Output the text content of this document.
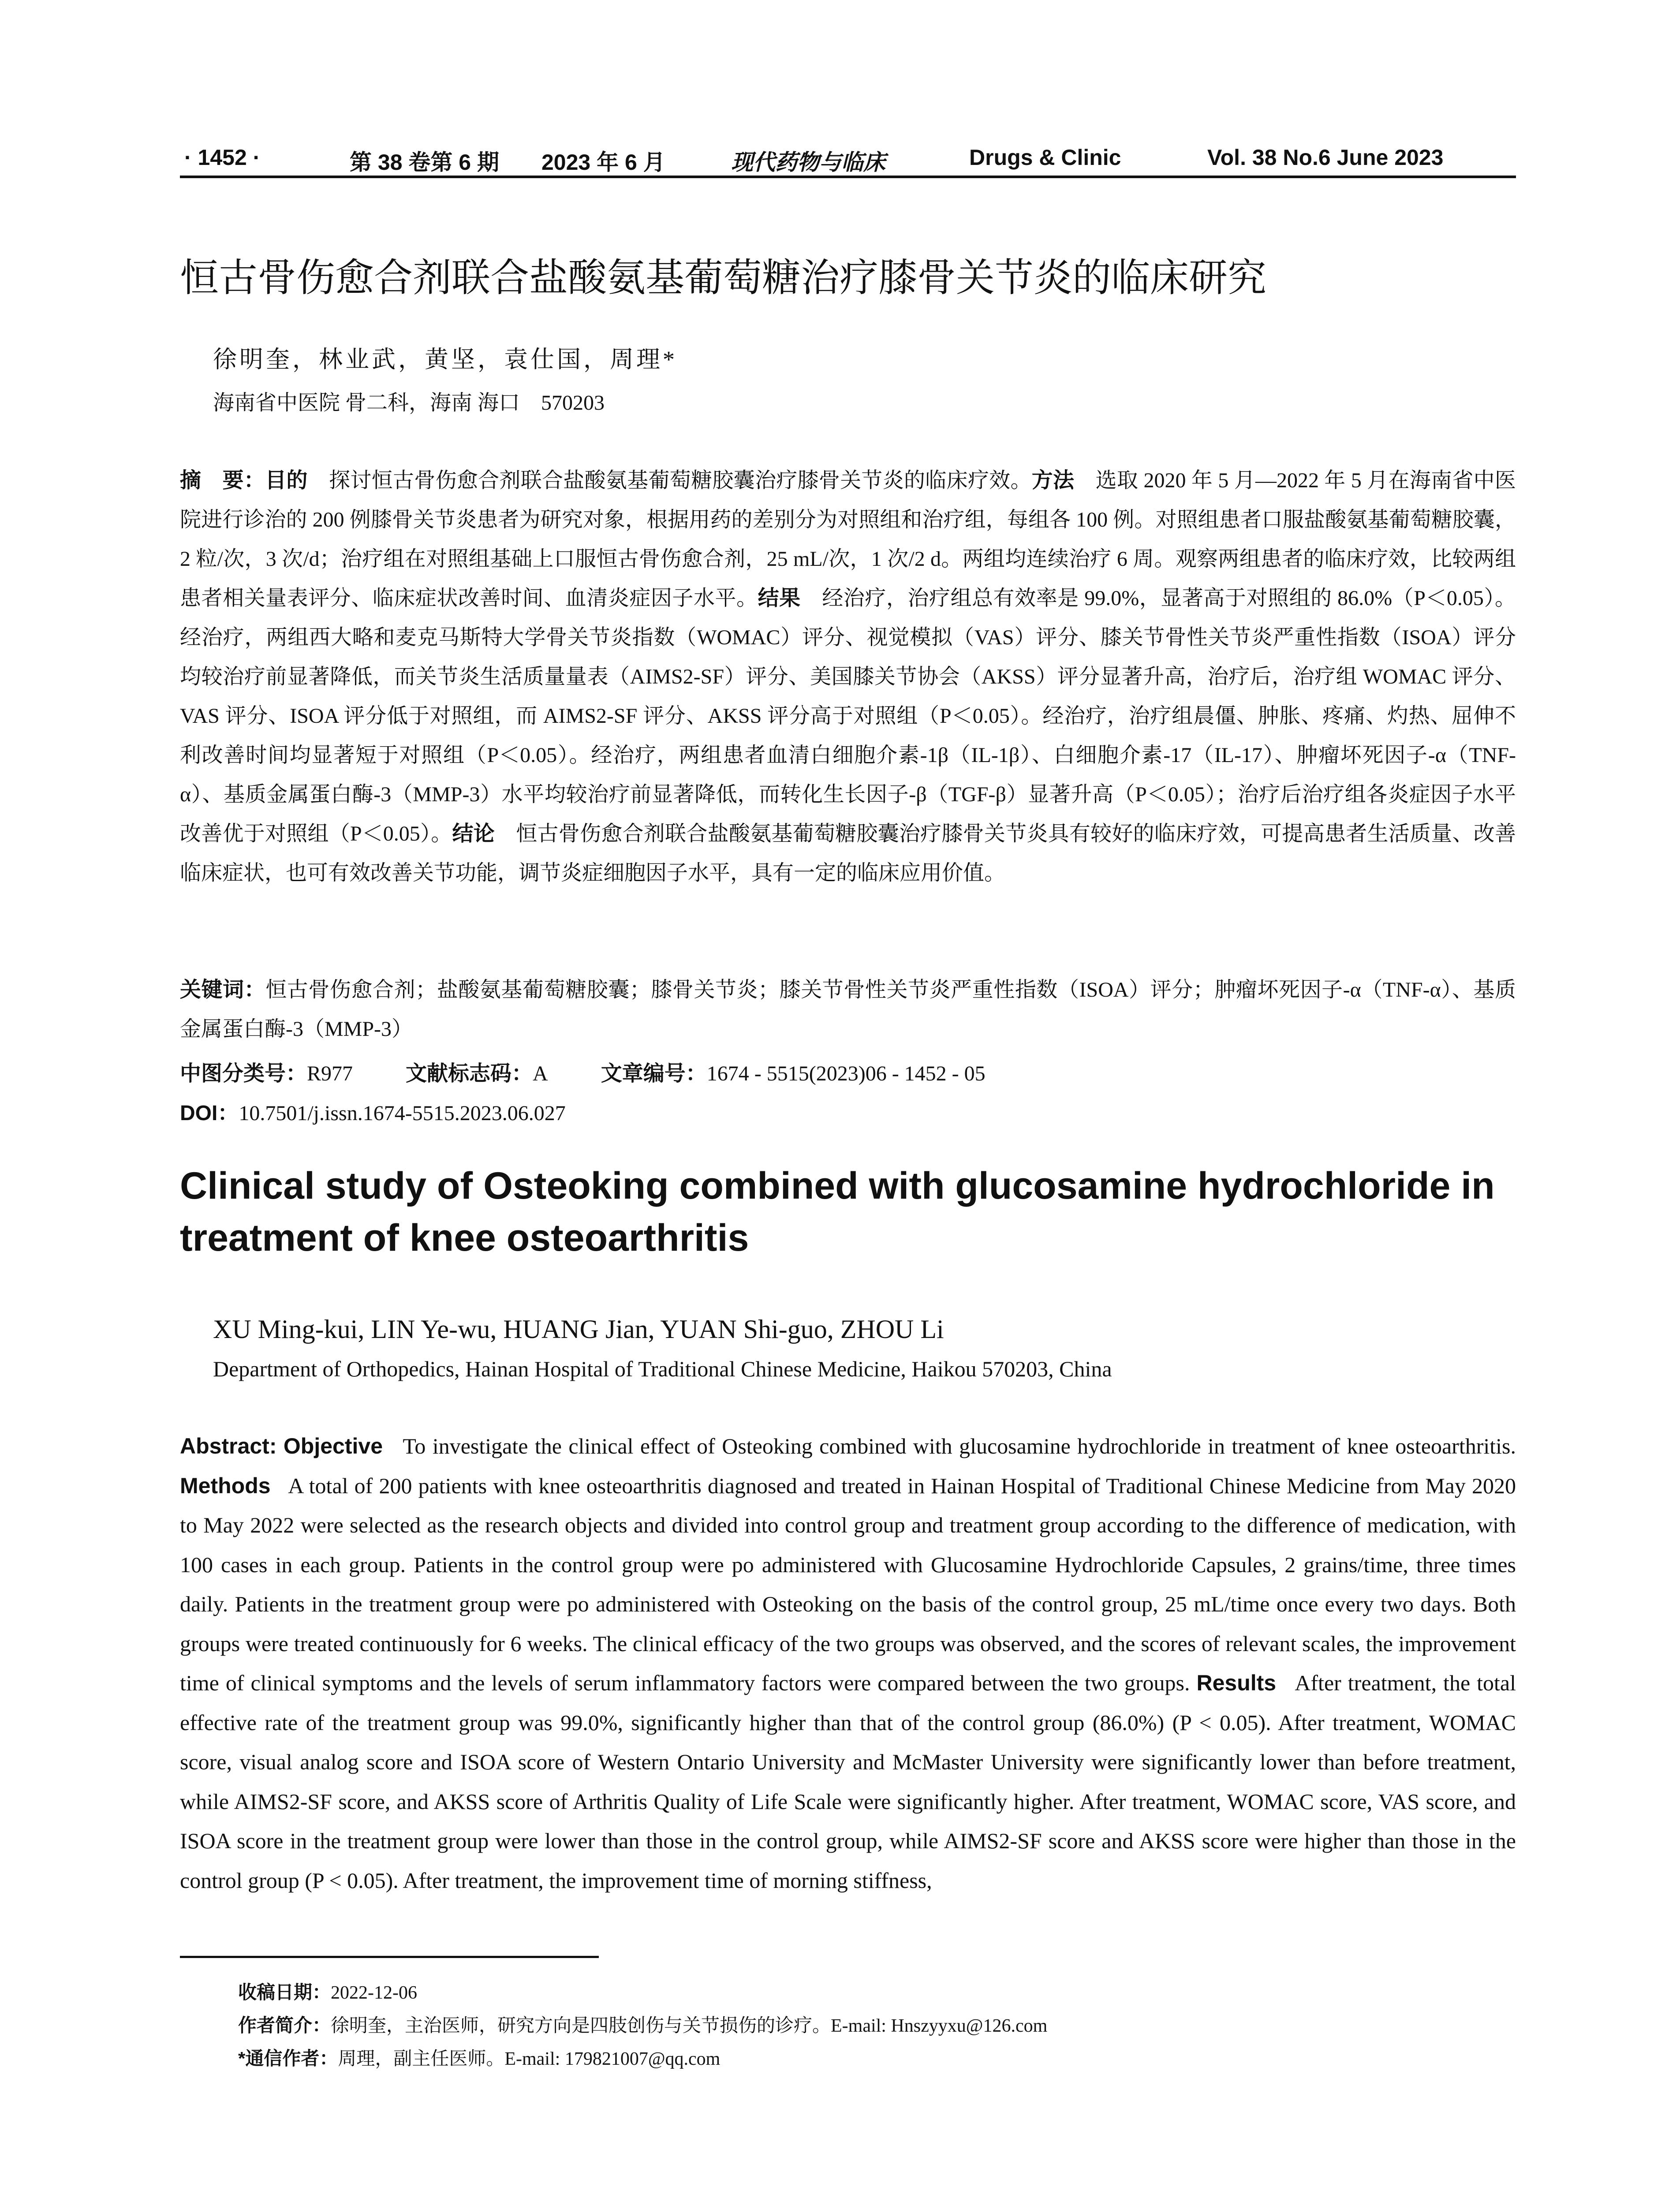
· 1452 ·	第 38 卷第 6 期 2023 年 6 月	现代药物与临床	Drugs & Clinic	Vol. 38 No.6 June 2023
恒古骨伤愈合剂联合盐酸氨基葡萄糖治疗膝骨关节炎的临床研究
徐明奎，林业武，黄坚，袁仕国，周理*
海南省中医院 骨二科，海南 海口　570203
摘　要：目的　 探讨恒古骨伤愈合剂联合盐酸氨基葡萄糖胶囊治疗膝骨关节炎的临床疗效。方法　 选取 2020 年 5 月—2022 年 5 月在海南省中医院进行诊治的 200 例膝骨关节炎患者为研究对象，根据用药的差别分为对照组和治疗组，每组各 100 例。对照组患者口服盐酸氨基葡萄糖胶囊，2 粒/次，3 次/d；治疗组在对照组基础上口服恒古骨伤愈合剂，25 mL/次，1 次/2 d。两组均连续治疗 6 周。观察两组患者的临床疗效，比较两组患者相关量表评分、临床症状改善时间、血清炎症因子水平。结果　 经治疗，治疗组总有效率是 99.0%，显著高于对照组的 86.0%（P＜0.05）。经治疗，两组西大略和麦克马斯特大学骨关节炎指数（WOMAC）评分、视觉模拟（VAS）评分、膝关节骨性关节炎严重性指数（ISOA）评分均较治疗前显著降低，而关节炎生活质量量表（AIMS2-SF）评分、美国膝关节协会（AKSS）评分显著升高，治疗后，治疗组 WOMAC 评分、VAS 评分、ISOA 评分低于对照组，而 AIMS2-SF 评分、AKSS 评分高于对照组（P＜0.05）。经治疗，治疗组晨僵、肿胀、疼痛、灼热、屈伸不利改善时间均显著短于对照组（P＜0.05）。经治疗，两组患者血清白细胞介素-1β（IL-1β）、白细胞介素-17（IL-17）、肿瘤坏死因子-α（TNF-α）、基质金属蛋白酶-3（MMP-3）水平均较治疗前显著降低，而转化生长因子-β（TGF-β）显著升高（P＜0.05）；治疗后治疗组各炎症因子水平改善优于对照组（P＜0.05）。结论　 恒古骨伤愈合剂联合盐酸氨基葡萄糖胶囊治疗膝骨关节炎具有较好的临床疗效，可提高患者生活质量、改善临床症状，也可有效改善关节功能，调节炎症细胞因子水平，具有一定的临床应用价值。
关键词：恒古骨伤愈合剂；盐酸氨基葡萄糖胶囊；膝骨关节炎；膝关节骨性关节炎严重性指数（ISOA）评分；肿瘤坏死因子-α（TNF-α）、基质金属蛋白酶-3（MMP-3）
中图分类号：R977	文献标志码：A	文章编号：1674 - 5515(2023)06 - 1452 - 05
DOI：10.7501/j.issn.1674-5515.2023.06.027
Clinical study of Osteoking combined with glucosamine hydrochloride in treatment of knee osteoarthritis
XU Ming-kui, LIN Ye-wu, HUANG Jian, YUAN Shi-guo, ZHOU Li
Department of Orthopedics, Hainan Hospital of Traditional Chinese Medicine, Haikou 570203, China
Abstract: Objective To investigate the clinical effect of Osteoking combined with glucosamine hydrochloride in treatment of knee osteoarthritis. Methods A total of 200 patients with knee osteoarthritis diagnosed and treated in Hainan Hospital of Traditional Chinese Medicine from May 2020 to May 2022 were selected as the research objects and divided into control group and treatment group according to the difference of medication, with 100 cases in each group. Patients in the control group were po administered with Glucosamine Hydrochloride Capsules, 2 grains/time, three times daily. Patients in the treatment group were po administered with Osteoking on the basis of the control group, 25 mL/time once every two days. Both groups were treated continuously for 6 weeks. The clinical efficacy of the two groups was observed, and the scores of relevant scales, the improvement time of clinical symptoms and the levels of serum inflammatory factors were compared between the two groups. Results After treatment, the total effective rate of the treatment group was 99.0%, significantly higher than that of the control group (86.0%) (P < 0.05). After treatment, WOMAC score, visual analog score and ISOA score of Western Ontario University and McMaster University were significantly lower than before treatment, while AIMS2-SF score, and AKSS score of Arthritis Quality of Life Scale were significantly higher. After treatment, WOMAC score, VAS score, and ISOA score in the treatment group were lower than those in the control group, while AIMS2-SF score and AKSS score were higher than those in the control group (P < 0.05). After treatment, the improvement time of morning stiffness,
收稿日期：2022-12-06
作者简介：徐明奎，主治医师，研究方向是四肢创伤与关节损伤的诊疗。E-mail: Hnszyyxu@126.com
*通信作者：周理，副主任医师。E-mail: 179821007@qq.com
